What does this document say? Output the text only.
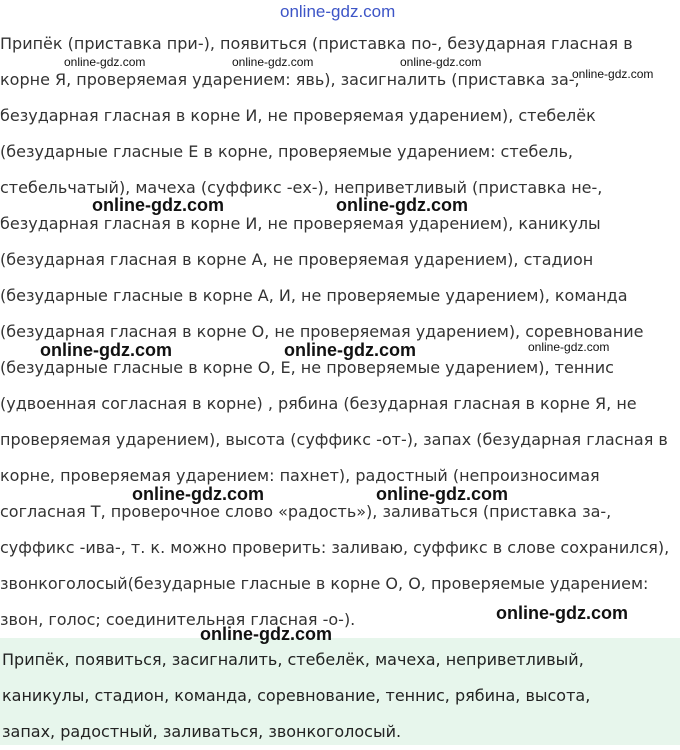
online-gdz.com
Припёк (приставка при-), появиться (приставка по-, безударная гласная в
корне Я, проверяемая ударением: явь), засигналить (приставка за-,
безударная гласная в корне И, не проверяемая ударением), стебелёк
(безударные гласные Е в корне, проверяемые ударением: стебель,
стебельчатый), мачеха (суффикс -ех-), неприветливый (приставка не-,
безударная гласная в корне И, не проверяемая ударением), каникулы
(безударная гласная в корне А, не проверяемая ударением), стадион
(безударные гласные в корне А, И, не проверяемые ударением), команда
(безударная гласная в корне О, не проверяемая ударением), соревнование
(безударные гласные в корне О, Е, не проверяемые ударением), теннис
(удвоенная согласная в корне) , рябина (безударная гласная в корне Я, не
проверяемая ударением), высота (суффикс -от-), запах (безударная гласная в
корне, проверяемая ударением: пахнет), радостный (непроизносимая
согласная Т, проверочное слово «радость»), заливаться (приставка за-,
суффикс -ива-, т. к. можно проверить: заливаю, суффикс в слове сохранился),
звонкоголосый(безударные гласные в корне О, О, проверяемые ударением:
звон, голос; соединительная гласная -о-).
Припёк, появиться, засигналить, стебелёк, мачеха, неприветливый,
каникулы, стадион, команда, соревнование, теннис, рябина, высота,
запах, радостный, заливаться, звонкоголосый.
online-gdz.com	online-gdz.com	online-gdz.com
online-gdz.com
online-gdz.com	online-gdz.com
online-gdz.com	online-gdz.com	online-gdz.com
online-gdz.com	online-gdz.com
online-gdz.com
online-gdz.com
